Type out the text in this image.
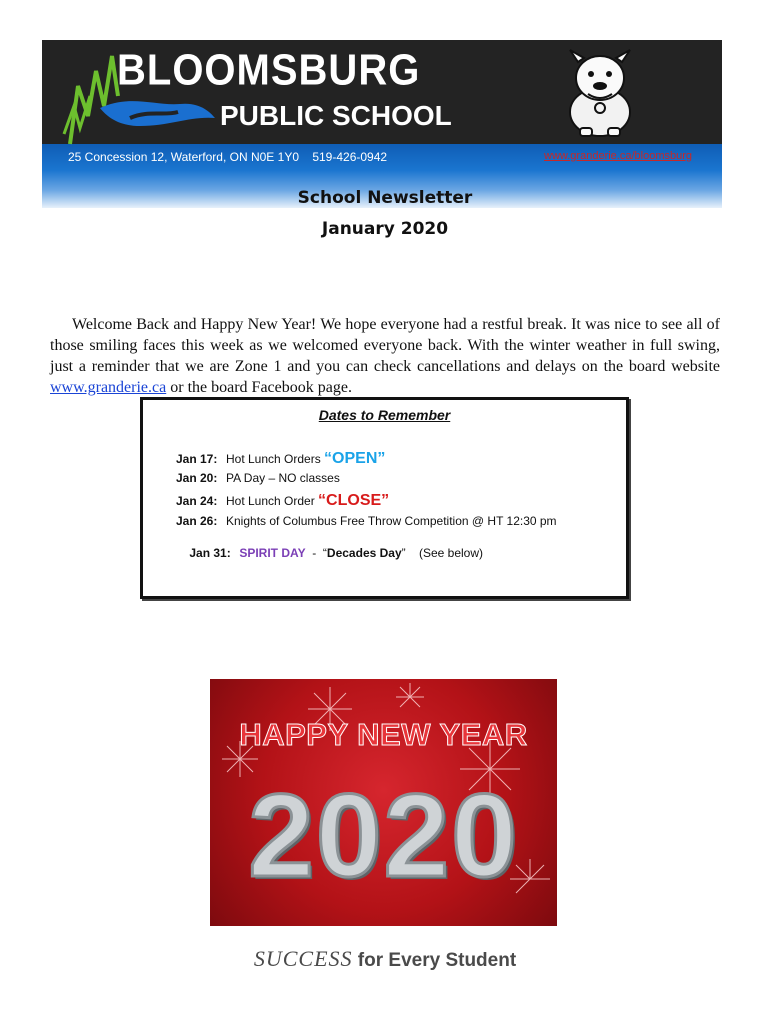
BLOOMSBURG
PUBLIC SCHOOL
25 Concession 12, Waterford, ON N0E 1Y0    519-426-0942	www.granderie.ca/bloomsburg
School Newsletter
January 2020

Welcome Back and Happy New Year! We hope everyone had a restful break. It was nice to see all of those smiling faces this week as we welcomed everyone back. With the winter weather in full swing, just a reminder that we are Zone 1 and you can check cancellations and delays on the board website www.granderie.ca or the board Facebook page.

Dates to Remember
Jan 17: Hot Lunch Orders “OPEN”
Jan 20: PA Day – NO classes
Jan 24: Hot Lunch Order “CLOSE”
Jan 26: Knights of Columbus Free Throw Competition @ HT 12:30 pm

Jan 31: SPIRIT DAY  -  “Decades Day”    (See below)

HAPPY NEW YEAR
2020
SUCCESS for Every Student
